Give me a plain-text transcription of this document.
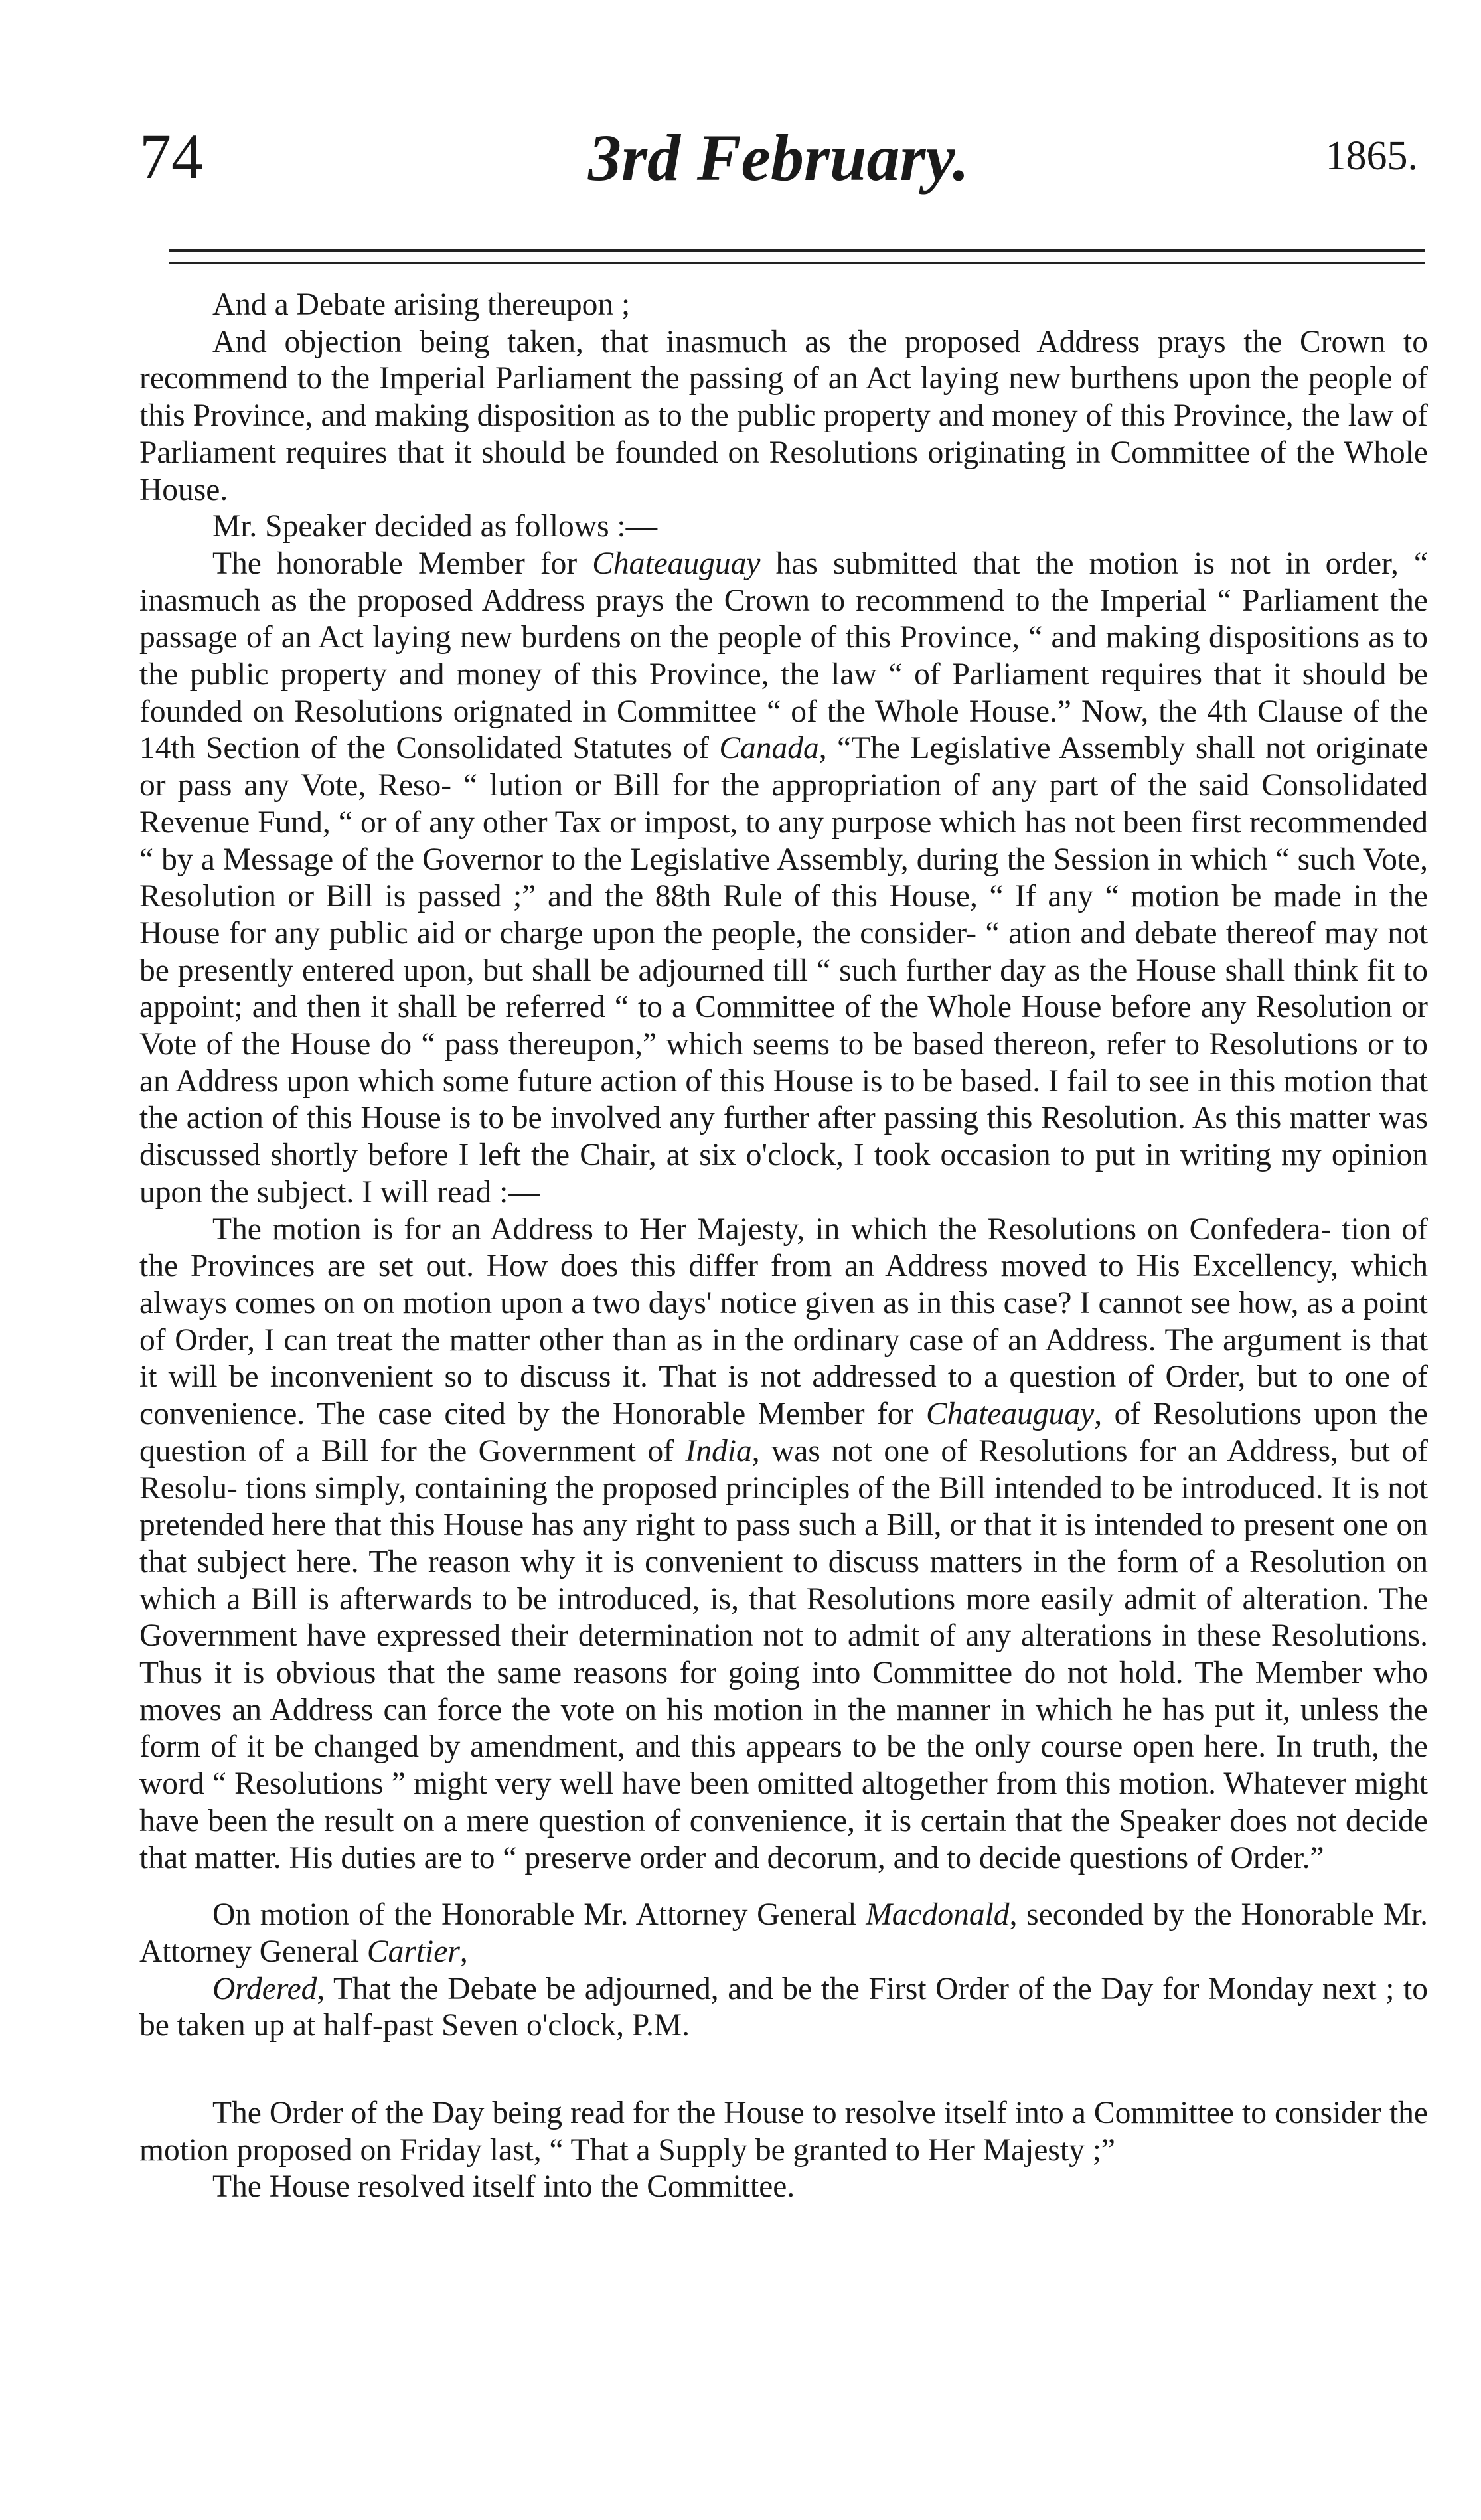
74	3rd February.	1865.

And a Debate arising thereupon ;

And objection being taken, that inasmuch as the proposed Address prays the Crown to recommend to the Imperial Parliament the passing of an Act laying new burthens upon the people of this Province, and making disposition as to the public property and money of this Province, the law of Parliament requires that it should be founded on Resolutions originating in Committee of the Whole House.

Mr. Speaker decided as follows :—

The honorable Member for Chateauguay has submitted that the motion is not in order, “ inasmuch as the proposed Address prays the Crown to recommend to the Imperial “ Parliament the passage of an Act laying new burdens on the people of this Province, “ and making dispositions as to the public property and money of this Province, the law “ of Parliament requires that it should be founded on Resolutions orignated in Committee “ of the Whole House.” Now, the 4th Clause of the 14th Section of the Consolidated Statutes of Canada, “The Legislative Assembly shall not originate or pass any Vote, Reso- “ lution or Bill for the appropriation of any part of the said Consolidated Revenue Fund, “ or of any other Tax or impost, to any purpose which has not been first recommended “ by a Message of the Governor to the Legislative Assembly, during the Session in which “ such Vote, Resolution or Bill is passed ;” and the 88th Rule of this House, “ If any “ motion be made in the House for any public aid or charge upon the people, the consider- “ ation and debate thereof may not be presently entered upon, but shall be adjourned till “ such further day as the House shall think fit to appoint; and then it shall be referred “ to a Committee of the Whole House before any Resolution or Vote of the House do “ pass thereupon,” which seems to be based thereon, refer to Resolutions or to an Address upon which some future action of this House is to be based. I fail to see in this motion that the action of this House is to be involved any further after passing this Resolution. As this matter was discussed shortly before I left the Chair, at six o'clock, I took occasion to put in writing my opinion upon the subject. I will read :—

The motion is for an Address to Her Majesty, in which the Resolutions on Confedera- tion of the Provinces are set out. How does this differ from an Address moved to His Excellency, which always comes on on motion upon a two days' notice given as in this case? I cannot see how, as a point of Order, I can treat the matter other than as in the ordinary case of an Address. The argument is that it will be inconvenient so to discuss it. That is not addressed to a question of Order, but to one of convenience. The case cited by the Honorable Member for Chateauguay, of Resolutions upon the question of a Bill for the Government of India, was not one of Resolutions for an Address, but of Resolu- tions simply, containing the proposed principles of the Bill intended to be introduced. It is not pretended here that this House has any right to pass such a Bill, or that it is intended to present one on that subject here. The reason why it is convenient to discuss matters in the form of a Resolution on which a Bill is afterwards to be introduced, is, that Resolutions more easily admit of alteration. The Government have expressed their determination not to admit of any alterations in these Resolutions. Thus it is obvious that the same reasons for going into Committee do not hold. The Member who moves an Address can force the vote on his motion in the manner in which he has put it, unless the form of it be changed by amendment, and this appears to be the only course open here. In truth, the word “ Resolutions ” might very well have been omitted altogether from this motion. Whatever might have been the result on a mere question of convenience, it is certain that the Speaker does not decide that matter. His duties are to “ preserve order and decorum, and to decide questions of Order.”

On motion of the Honorable Mr. Attorney General Macdonald, seconded by the Honorable Mr. Attorney General Cartier,

Ordered, That the Debate be adjourned, and be the First Order of the Day for Monday next ; to be taken up at half-past Seven o'clock, P.M.

The Order of the Day being read for the House to resolve itself into a Committee to consider the motion proposed on Friday last, “ That a Supply be granted to Her Majesty ;”

The House resolved itself into the Committee.
